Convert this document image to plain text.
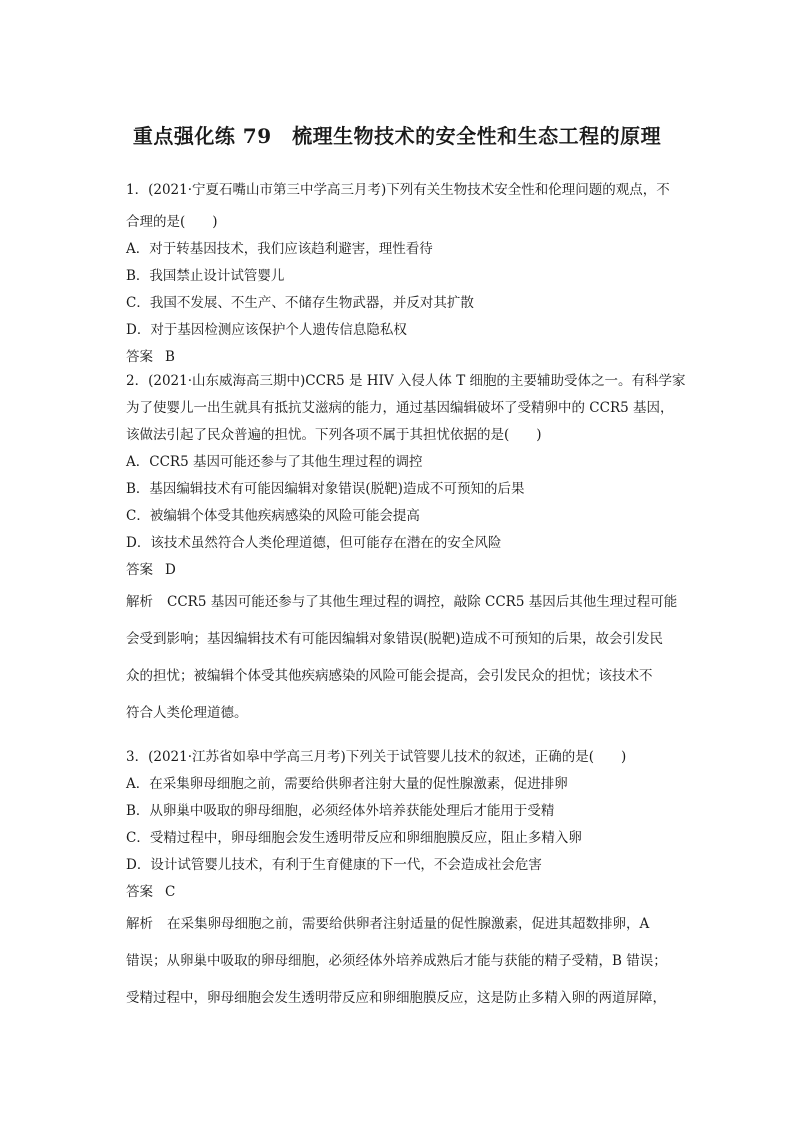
重点强化练 79　梳理生物技术的安全性和生态工程的原理
1．(2021·宁夏石嘴山市第三中学高三月考)下列有关生物技术安全性和伦理问题的观点，不
合理的是(　　)
A．对于转基因技术，我们应该趋利避害，理性看待
B．我国禁止设计试管婴儿
C．我国不发展、不生产、不储存生物武器，并反对其扩散
D．对于基因检测应该保护个人遗传信息隐私权
答案 B
2．(2021·山东威海高三期中)CCR5 是 HIV 入侵人体 T 细胞的主要辅助受体之一。有科学家
为了使婴儿一出生就具有抵抗艾滋病的能力，通过基因编辑破坏了受精卵中的 CCR5 基因，
该做法引起了民众普遍的担忧。下列各项不属于其担忧依据的是(　　)
A．CCR5 基因可能还参与了其他生理过程的调控
B．基因编辑技术有可能因编辑对象错误(脱靶)造成不可预知的后果
C．被编辑个体受其他疾病感染的风险可能会提高
D．该技术虽然符合人类伦理道德，但可能存在潜在的安全风险
答案 D
解析 CCR5 基因可能还参与了其他生理过程的调控，敲除 CCR5 基因后其他生理过程可能
会受到影响；基因编辑技术有可能因编辑对象错误(脱靶)造成不可预知的后果，故会引发民
众的担忧；被编辑个体受其他疾病感染的风险可能会提高，会引发民众的担忧；该技术不
符合人类伦理道德。
3．(2021·江苏省如皋中学高三月考)下列关于试管婴儿技术的叙述，正确的是(　　)
A．在采集卵母细胞之前，需要给供卵者注射大量的促性腺激素，促进排卵
B．从卵巢中吸取的卵母细胞，必须经体外培养获能处理后才能用于受精
C．受精过程中，卵母细胞会发生透明带反应和卵细胞膜反应，阻止多精入卵
D．设计试管婴儿技术，有利于生育健康的下一代，不会造成社会危害
答案 C
解析 在采集卵母细胞之前，需要给供卵者注射适量的促性腺激素，促进其超数排卵，A
错误；从卵巢中吸取的卵母细胞，必须经体外培养成熟后才能与获能的精子受精，B 错误；
受精过程中，卵母细胞会发生透明带反应和卵细胞膜反应，这是防止多精入卵的两道屏障，
